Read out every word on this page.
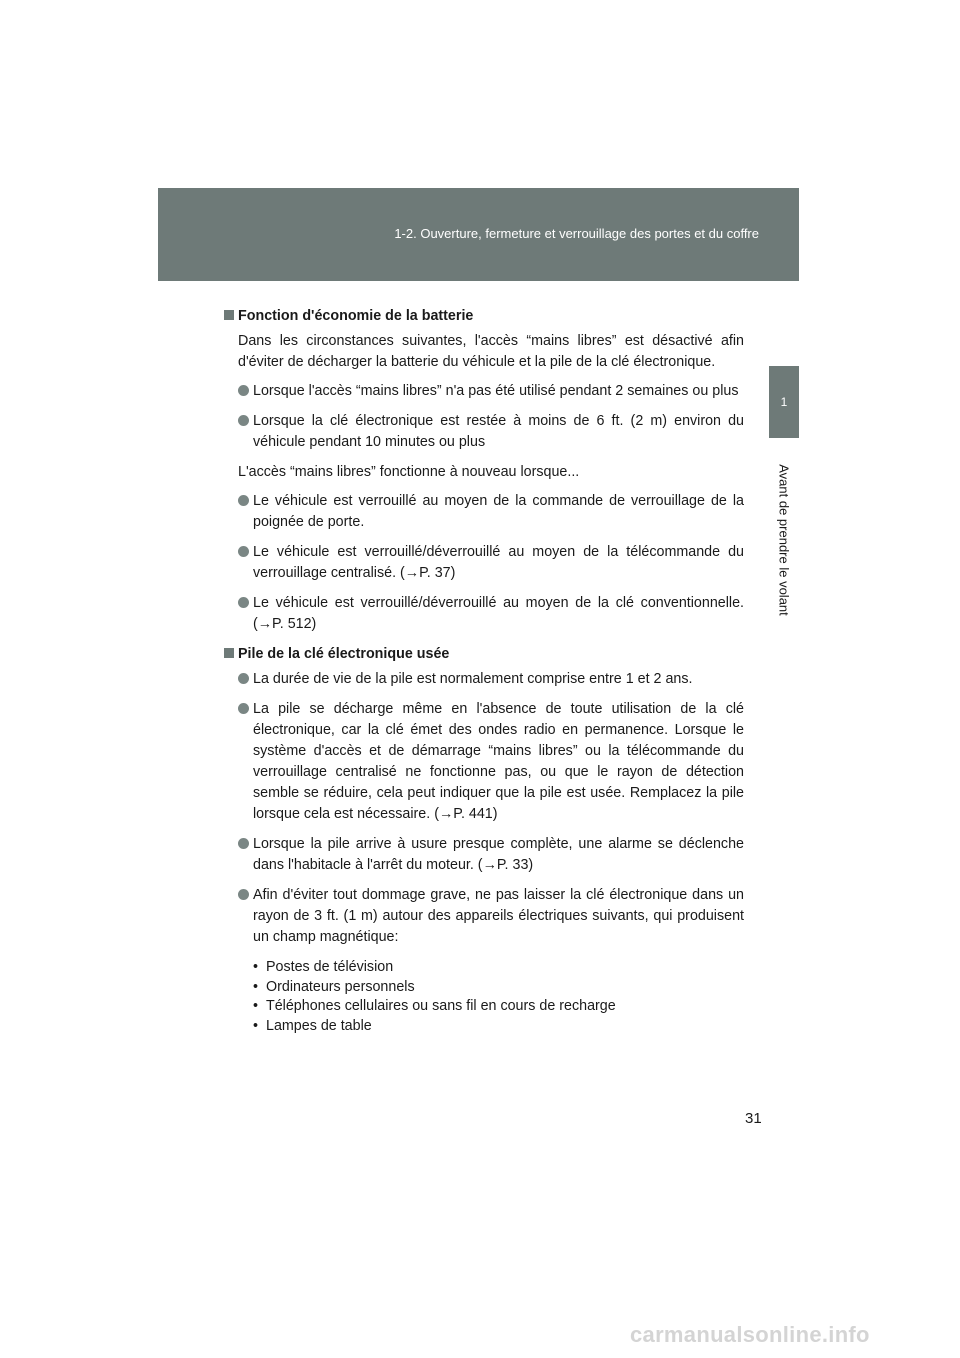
1-2. Ouverture, fermeture et verrouillage des portes et du coffre
1
Avant de prendre le volant
Fonction d'économie de la batterie
Dans les circonstances suivantes, l'accès “mains libres” est désactivé afin d'éviter de décharger la batterie du véhicule et la pile de la clé électronique.
Lorsque l'accès “mains libres” n'a pas été utilisé pendant 2 semaines ou plus
Lorsque la clé électronique est restée à moins de 6 ft. (2 m) environ du véhicule pendant 10 minutes ou plus
L'accès “mains libres” fonctionne à nouveau lorsque...
Le véhicule est verrouillé au moyen de la commande de verrouillage de la poignée de porte.
Le véhicule est verrouillé/déverrouillé au moyen de la télécommande du verrouillage centralisé. (→P. 37)
Le véhicule est verrouillé/déverrouillé au moyen de la clé conventionnelle. (→P. 512)
Pile de la clé électronique usée
La durée de vie de la pile est normalement comprise entre 1 et 2 ans.
La pile se décharge même en l'absence de toute utilisation de la clé électronique, car la clé émet des ondes radio en permanence. Lorsque le système d'accès et de démarrage “mains libres” ou la télécommande du verrouillage centralisé ne fonctionne pas, ou que le rayon de détection semble se réduire, cela peut indiquer que la pile est usée. Remplacez la pile lorsque cela est nécessaire. (→P. 441)
Lorsque la pile arrive à usure presque complète, une alarme se déclenche dans l'habitacle à l'arrêt du moteur. (→P. 33)
Afin d'éviter tout dommage grave, ne pas laisser la clé électronique dans un rayon de 3 ft. (1 m) autour des appareils électriques suivants, qui produisent un champ magnétique:
• Postes de télévision
• Ordinateurs personnels
• Téléphones cellulaires ou sans fil en cours de recharge
• Lampes de table
31
carmanualsonline.info
